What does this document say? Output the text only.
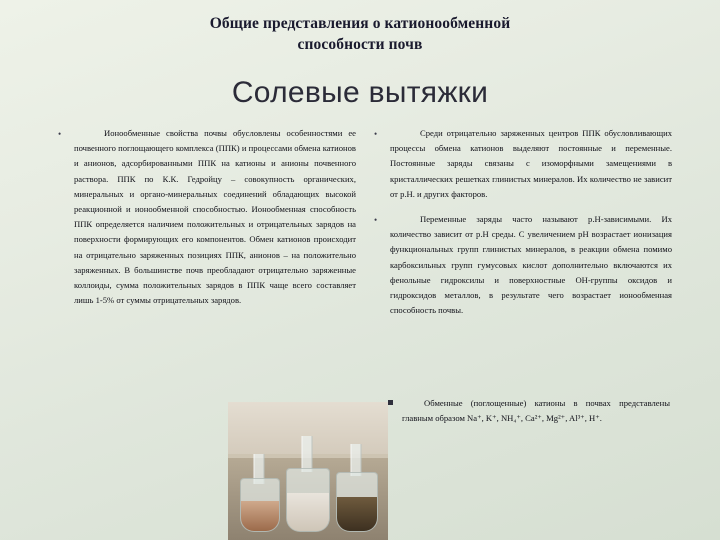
Общие представления о катионообменной
способности почв
Солевые вытяжки
•	Ионообменные свойства почвы обусловлены особенностями ее почвенного поглощающего комплекса (ППК) и процессами обмена катионов и анионов, адсорбированными ППК на катионы и анионы почвенного раствора. ППК по К.К. Гедройцу – совокупность органических, минеральных и органо-минеральных соединений обладающих высокой реакционной и ионообменной способностью. Ионообменная способность ППК определяется наличием положительных и отрицательных зарядов на поверхности формирующих его компонентов. Обмен катионов происходит на отрицательно заряженных позициях ППК, анионов – на положительно заряженных. В большинстве почв преобладают отрицательно заряженные коллоиды, сумма положительных зарядов в ППК чаще всего составляет лишь 1-5% от суммы отрицательных зарядов.
•	Среди отрицательно заряженных центров ППК обусловливающих процессы обмена катионов выделяют постоянные и переменные. Постоянные заряды связаны с изоморфными замещениями в кристаллических решетках глинистых минералов. Их количество не зависит от р.Н. и других факторов.
•	Переменные заряды часто называют р.Н-зависимыми. Их количество зависит от р.Н среды. С увеличением рН возрастает ионизация функциональных групп глинистых минералов, в реакции обмена помимо карбоксильных групп гумусовых кислот дополнительно включаются их фенольные гидроксилы и поверхностные ОН-группы оксидов и гидроксидов металлов, в результате чего возрастает ионообменная способность почвы.
Обменные (поглощенные) катионы в почвах представлены главным образом Na⁺, K⁺, NH₄⁺, Ca²⁺, Mg²⁺, Al³⁺, H⁺.
